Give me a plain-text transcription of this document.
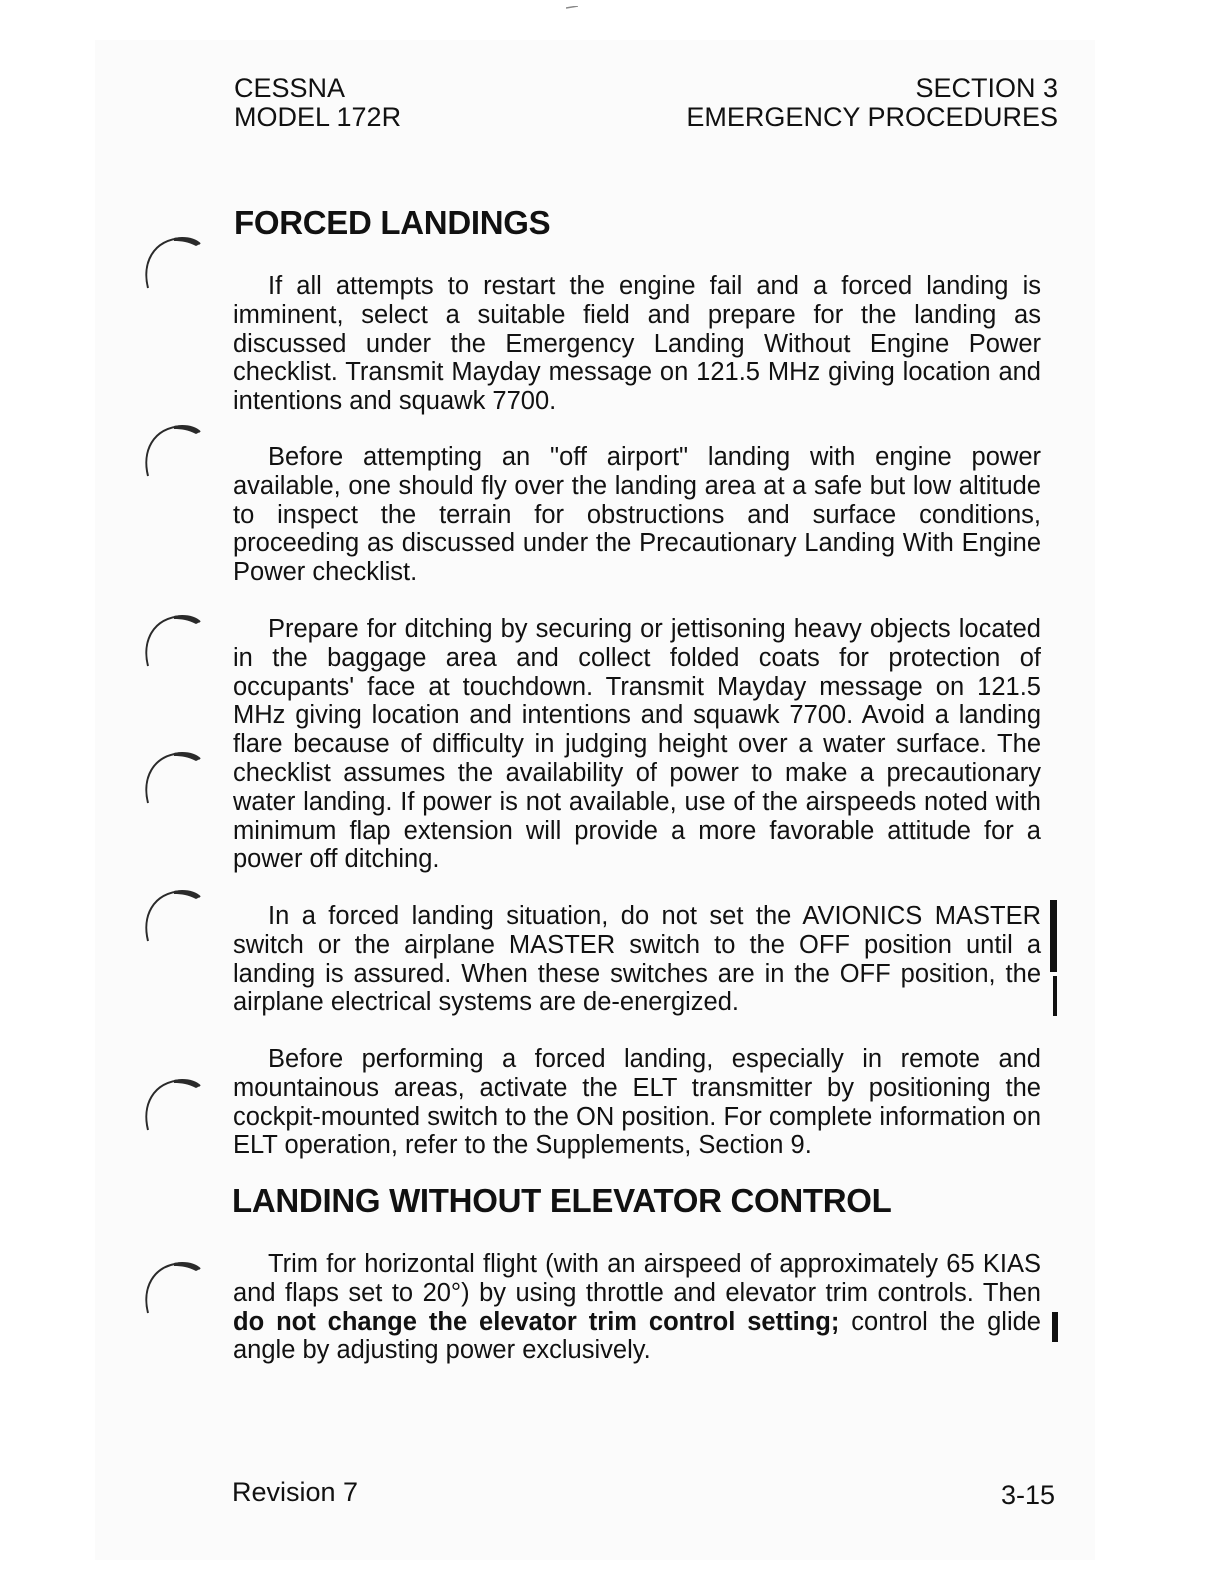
CESSNA
MODEL 172R
SECTION 3
EMERGENCY PROCEDURES
FORCED LANDINGS

If all attempts to restart the engine fail and a forced landing is imminent, select a suitable field and prepare for the landing as discussed under the Emergency Landing Without Engine Power checklist. Transmit Mayday message on 121.5 MHz giving location and intentions and squawk 7700.

Before attempting an "off airport" landing with engine power available, one should fly over the landing area at a safe but low altitude to inspect the terrain for obstructions and surface conditions, proceeding as discussed under the Precautionary Landing With Engine Power checklist.

Prepare for ditching by securing or jettisoning heavy objects located in the baggage area and collect folded coats for protection of occupants' face at touchdown. Transmit Mayday message on 121.5 MHz giving location and intentions and squawk 7700. Avoid a landing flare because of difficulty in judging height over a water surface. The checklist assumes the availability of power to make a precautionary water landing. If power is not available, use of the airspeeds noted with minimum flap extension will provide a more favorable attitude for a power off ditching.

In a forced landing situation, do not set the AVIONICS MASTER switch or the airplane MASTER switch to the OFF position until a landing is assured. When these switches are in the OFF position, the airplane electrical systems are de-energized.

Before performing a forced landing, especially in remote and mountainous areas, activate the ELT transmitter by positioning the cockpit-mounted switch to the ON position. For complete information on ELT operation, refer to the Supplements, Section 9.

LANDING WITHOUT ELEVATOR CONTROL

Trim for horizontal flight (with an airspeed of approximately 65 KIAS and flaps set to 20°) by using throttle and elevator trim controls. Then do not change the elevator trim control setting; control the glide angle by adjusting power exclusively.

Revision 7	3-15
